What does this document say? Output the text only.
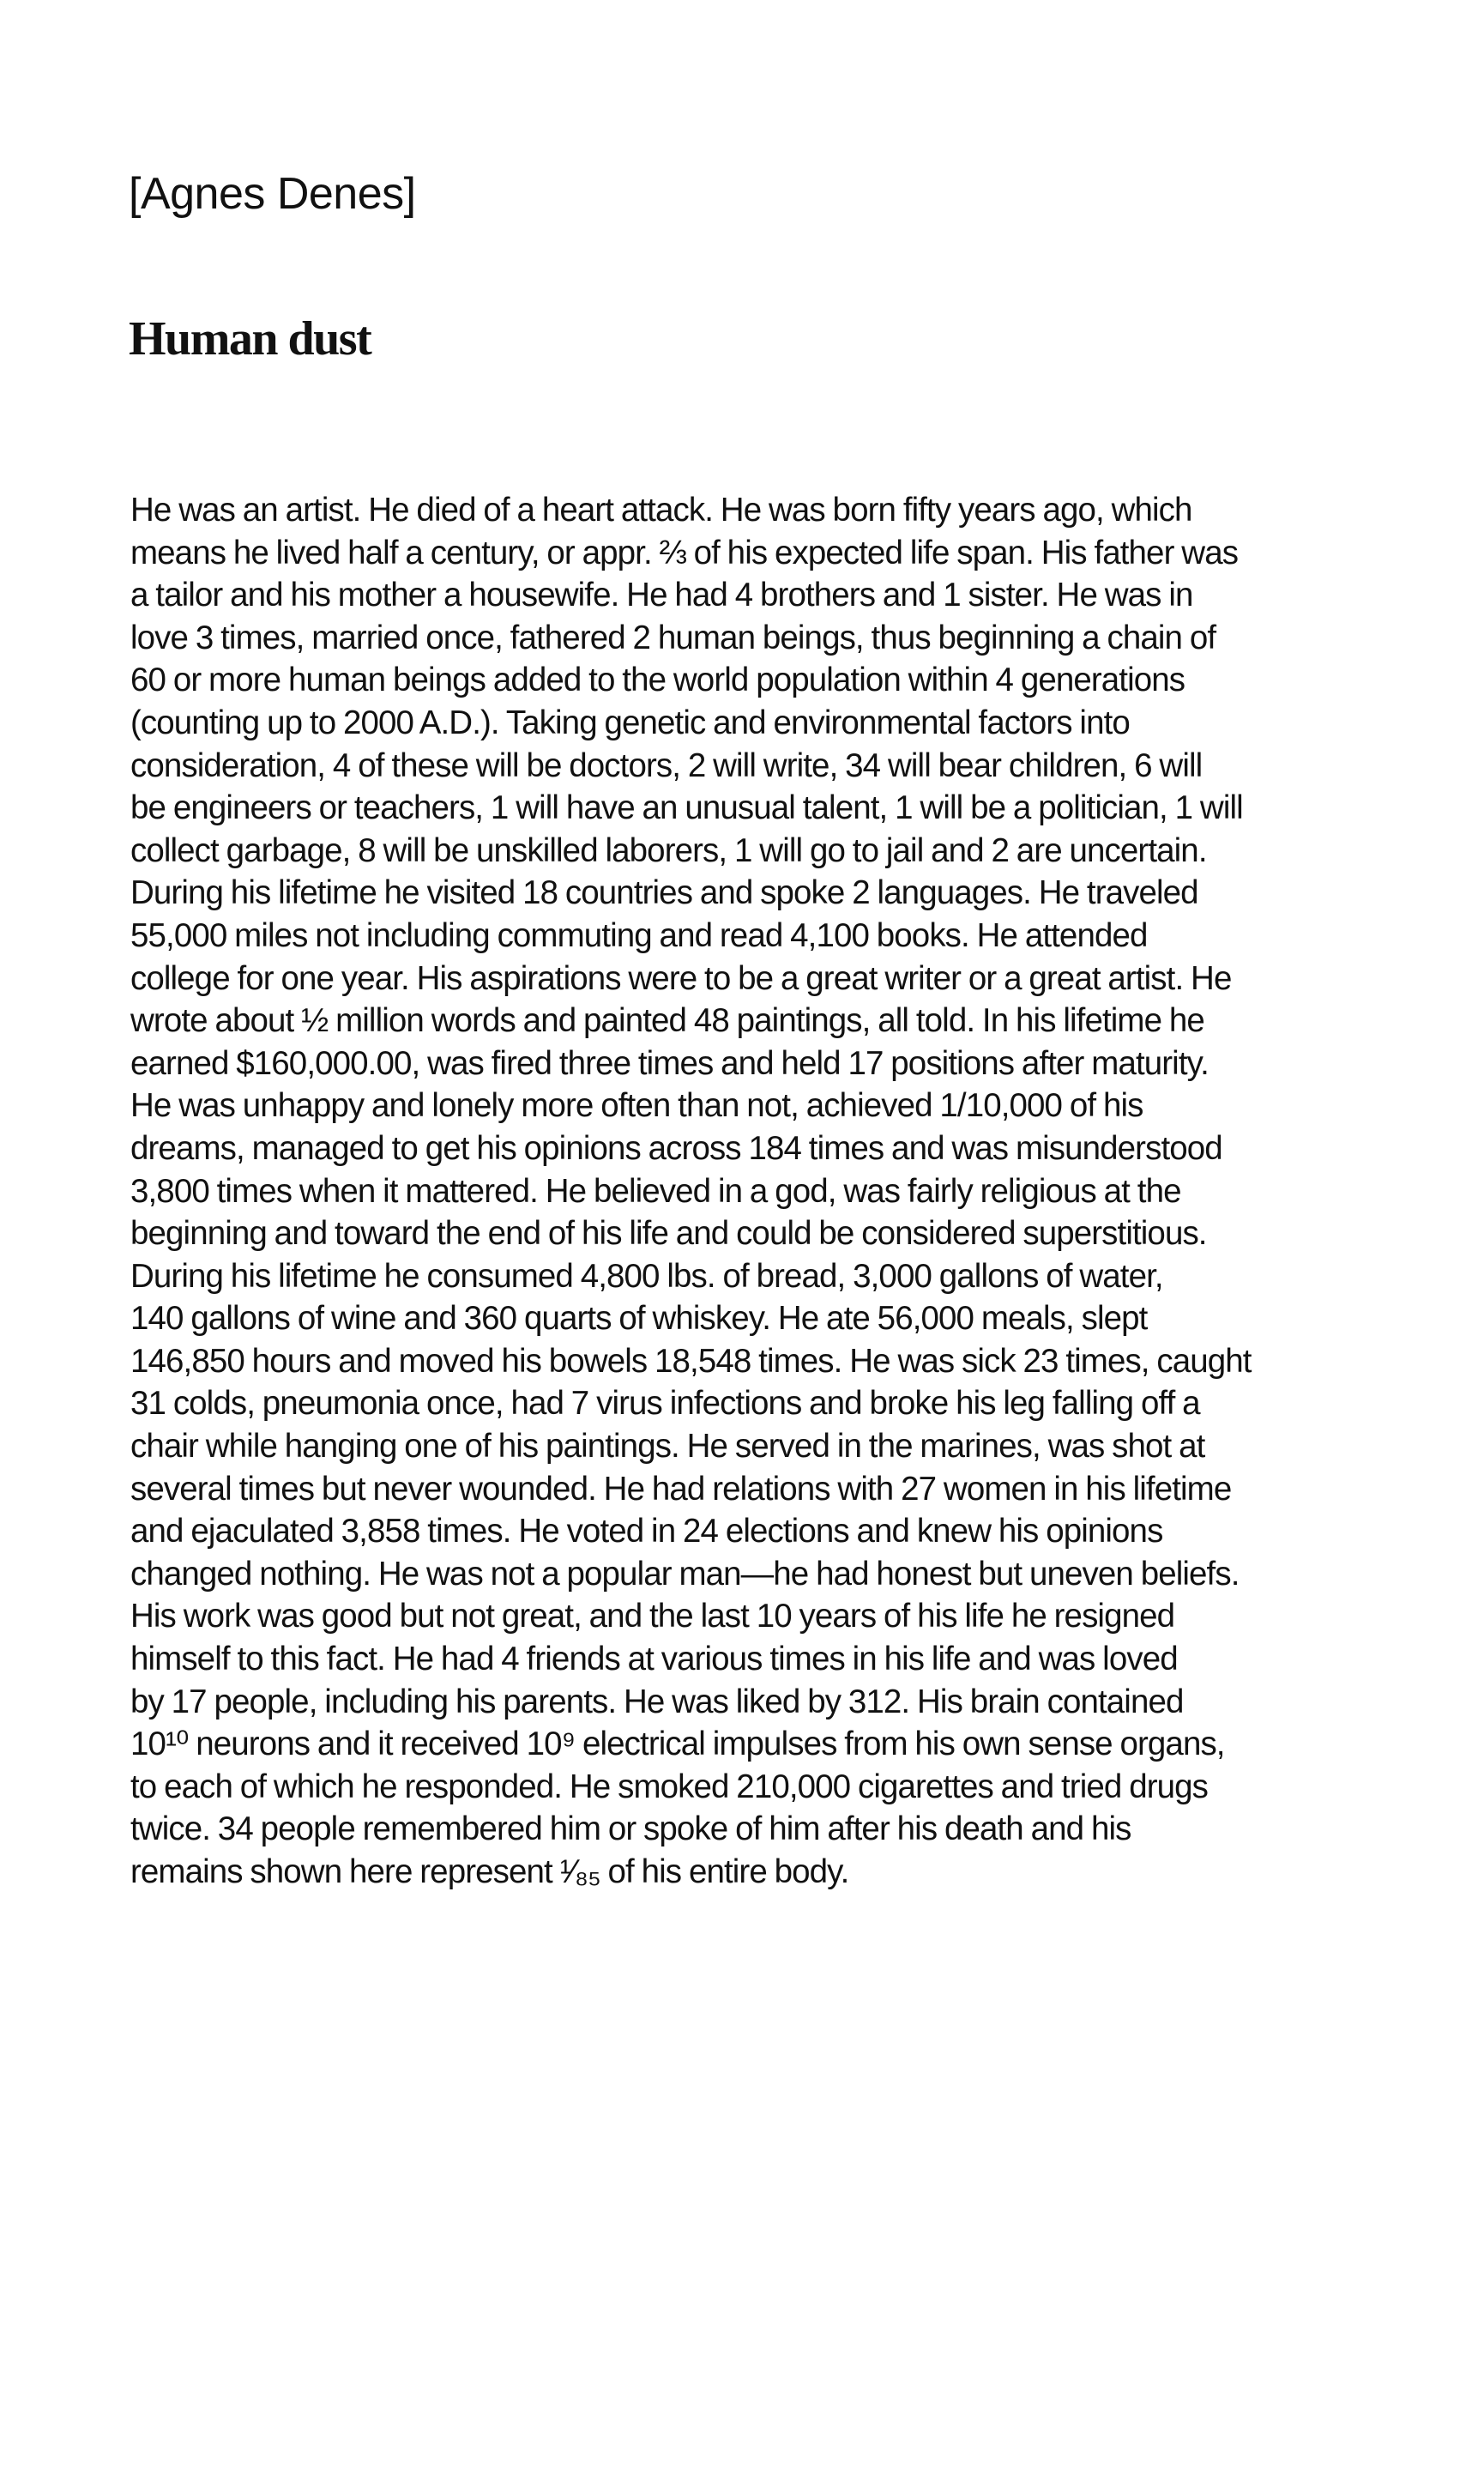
[Agnes Denes]
Human dust
He was an artist. He died of a heart attack. He was born fifty years ago, which
means he lived half a century, or appr. ⅔ of his expected life span. His father was
a tailor and his mother a housewife. He had 4 brothers and 1 sister. He was in
love 3 times, married once, fathered 2 human beings, thus beginning a chain of
60 or more human beings added to the world population within 4 generations
(counting up to 2000 A.D.). Taking genetic and environmental factors into
consideration, 4 of these will be doctors, 2 will write, 34 will bear children, 6 will
be engineers or teachers, 1 will have an unusual talent, 1 will be a politician, 1 will
collect garbage, 8 will be unskilled laborers, 1 will go to jail and 2 are uncertain.
During his lifetime he visited 18 countries and spoke 2 languages. He traveled
55,000 miles not including commuting and read 4,100 books. He attended
college for one year. His aspirations were to be a great writer or a great artist. He
wrote about ½ million words and painted 48 paintings, all told. In his lifetime he
earned $160,000.00, was fired three times and held 17 positions after maturity.
He was unhappy and lonely more often than not, achieved 1/10,000 of his
dreams, managed to get his opinions across 184 times and was misunderstood
3,800 times when it mattered. He believed in a god, was fairly religious at the
beginning and toward the end of his life and could be considered superstitious.
During his lifetime he consumed 4,800 lbs. of bread, 3,000 gallons of water,
140 gallons of wine and 360 quarts of whiskey. He ate 56,000 meals, slept
146,850 hours and moved his bowels 18,548 times. He was sick 23 times, caught
31 colds, pneumonia once, had 7 virus infections and broke his leg falling off a
chair while hanging one of his paintings. He served in the marines, was shot at
several times but never wounded. He had relations with 27 women in his lifetime
and ejaculated 3,858 times. He voted in 24 elections and knew his opinions
changed nothing. He was not a popular man—he had honest but uneven beliefs.
His work was good but not great, and the last 10 years of his life he resigned
himself to this fact. He had 4 friends at various times in his life and was loved
by 17 people, including his parents. He was liked by 312. His brain contained
10¹⁰ neurons and it received 10⁹ electrical impulses from his own sense organs,
to each of which he responded. He smoked 210,000 cigarettes and tried drugs
twice. 34 people remembered him or spoke of him after his death and his
remains shown here represent ¹⁄₈₅ of his entire body.
